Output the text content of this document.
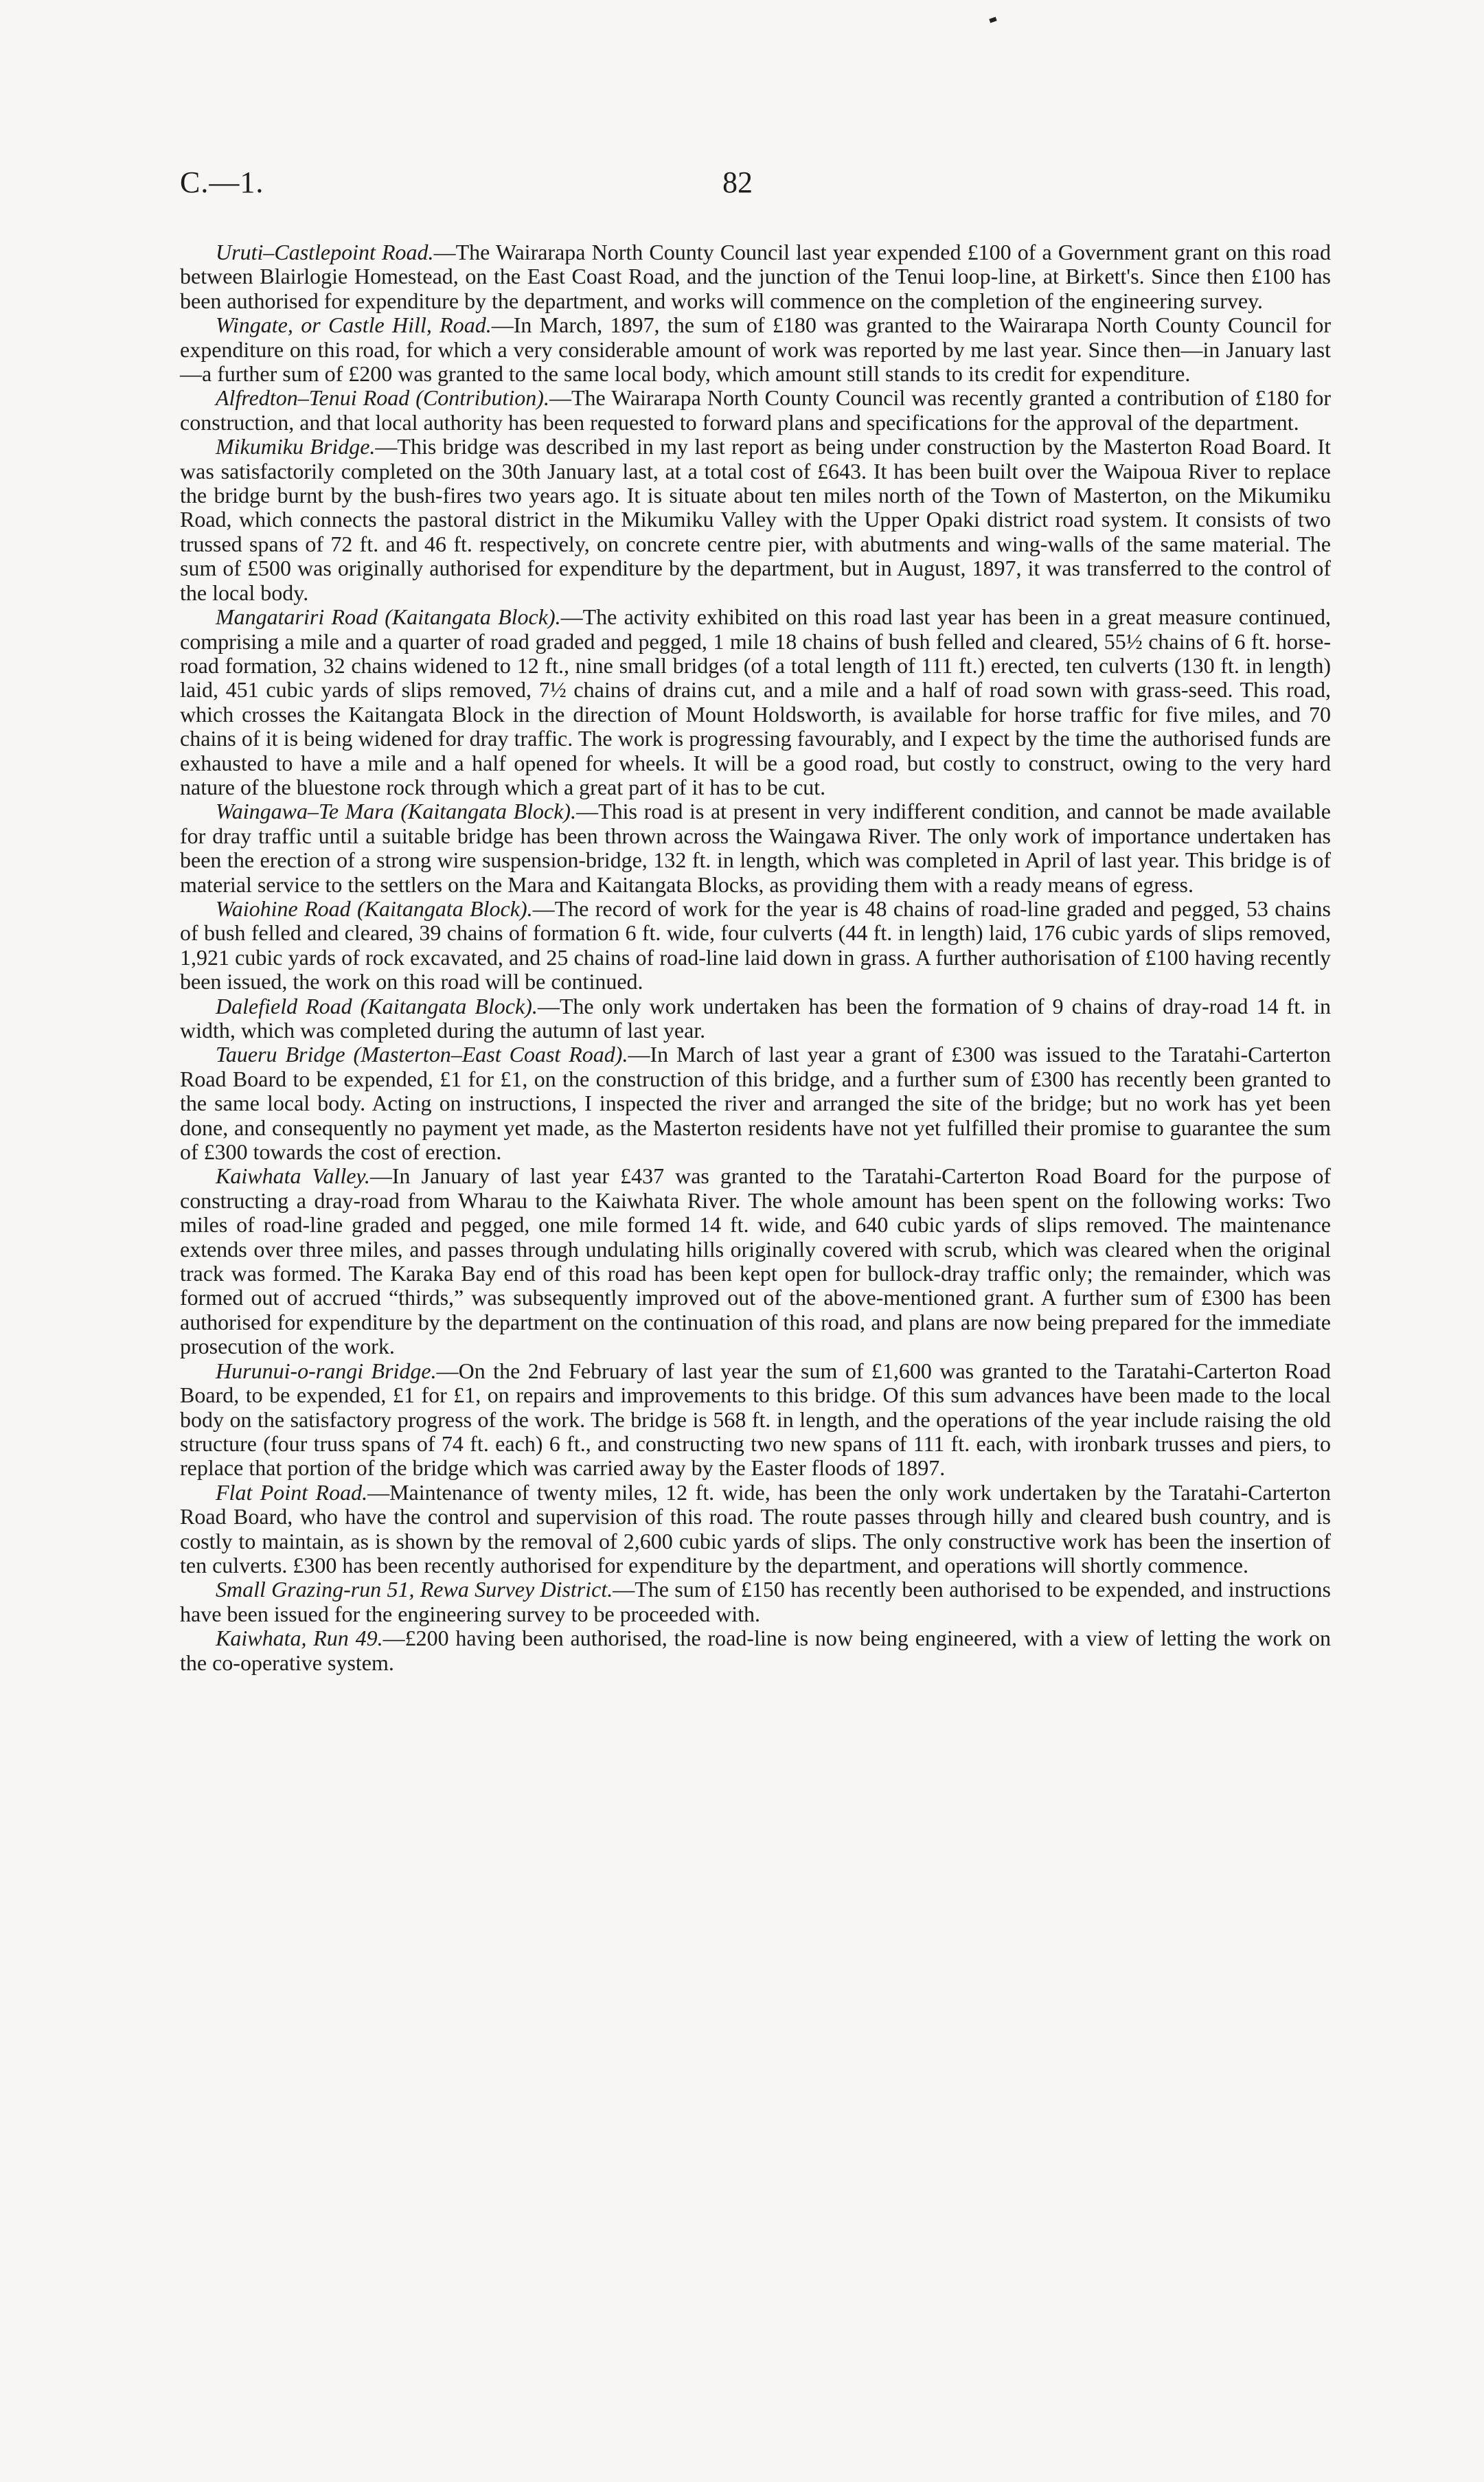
C.—1.	82

Uruti–Castlepoint Road.—The Wairarapa North County Council last year expended £100 of a Government grant on this road between Blairlogie Homestead, on the East Coast Road, and the junction of the Tenui loop-line, at Birkett's. Since then £100 has been authorised for expenditure by the department, and works will commence on the completion of the engineering survey.

Wingate, or Castle Hill, Road.—In March, 1897, the sum of £180 was granted to the Wairarapa North County Council for expenditure on this road, for which a very considerable amount of work was reported by me last year. Since then—in January last—a further sum of £200 was granted to the same local body, which amount still stands to its credit for expenditure.

Alfredton–Tenui Road (Contribution).—The Wairarapa North County Council was recently granted a contribution of £180 for construction, and that local authority has been requested to forward plans and specifications for the approval of the department.

Mikumiku Bridge.—This bridge was described in my last report as being under construction by the Masterton Road Board. It was satisfactorily completed on the 30th January last, at a total cost of £643. It has been built over the Waipoua River to replace the bridge burnt by the bush-fires two years ago. It is situate about ten miles north of the Town of Masterton, on the Mikumiku Road, which connects the pastoral district in the Mikumiku Valley with the Upper Opaki district road system. It consists of two trussed spans of 72 ft. and 46 ft. respectively, on concrete centre pier, with abutments and wing-walls of the same material. The sum of £500 was originally authorised for expenditure by the department, but in August, 1897, it was transferred to the control of the local body.

Mangatariri Road (Kaitangata Block).—The activity exhibited on this road last year has been in a great measure continued, comprising a mile and a quarter of road graded and pegged, 1 mile 18 chains of bush felled and cleared, 55½ chains of 6 ft. horse-road formation, 32 chains widened to 12 ft., nine small bridges (of a total length of 111 ft.) erected, ten culverts (130 ft. in length) laid, 451 cubic yards of slips removed, 7½ chains of drains cut, and a mile and a half of road sown with grass-seed. This road, which crosses the Kaitangata Block in the direction of Mount Holdsworth, is available for horse traffic for five miles, and 70 chains of it is being widened for dray traffic. The work is progressing favourably, and I expect by the time the authorised funds are exhausted to have a mile and a half opened for wheels. It will be a good road, but costly to construct, owing to the very hard nature of the bluestone rock through which a great part of it has to be cut.

Waingawa–Te Mara (Kaitangata Block).—This road is at present in very indifferent condition, and cannot be made available for dray traffic until a suitable bridge has been thrown across the Waingawa River. The only work of importance undertaken has been the erection of a strong wire suspension-bridge, 132 ft. in length, which was completed in April of last year. This bridge is of material service to the settlers on the Mara and Kaitangata Blocks, as providing them with a ready means of egress.

Waiohine Road (Kaitangata Block).—The record of work for the year is 48 chains of road-line graded and pegged, 53 chains of bush felled and cleared, 39 chains of formation 6 ft. wide, four culverts (44 ft. in length) laid, 176 cubic yards of slips removed, 1,921 cubic yards of rock excavated, and 25 chains of road-line laid down in grass. A further authorisation of £100 having recently been issued, the work on this road will be continued.

Dalefield Road (Kaitangata Block).—The only work undertaken has been the formation of 9 chains of dray-road 14 ft. in width, which was completed during the autumn of last year.

Taueru Bridge (Masterton–East Coast Road).—In March of last year a grant of £300 was issued to the Taratahi-Carterton Road Board to be expended, £1 for £1, on the construction of this bridge, and a further sum of £300 has recently been granted to the same local body. Acting on instructions, I inspected the river and arranged the site of the bridge; but no work has yet been done, and consequently no payment yet made, as the Masterton residents have not yet fulfilled their promise to guarantee the sum of £300 towards the cost of erection.

Kaiwhata Valley.—In January of last year £437 was granted to the Taratahi-Carterton Road Board for the purpose of constructing a dray-road from Wharau to the Kaiwhata River. The whole amount has been spent on the following works: Two miles of road-line graded and pegged, one mile formed 14 ft. wide, and 640 cubic yards of slips removed. The maintenance extends over three miles, and passes through undulating hills originally covered with scrub, which was cleared when the original track was formed. The Karaka Bay end of this road has been kept open for bullock-dray traffic only; the remainder, which was formed out of accrued “thirds,” was subsequently improved out of the above-mentioned grant. A further sum of £300 has been authorised for expenditure by the department on the continuation of this road, and plans are now being prepared for the immediate prosecution of the work.

Hurunui-o-rangi Bridge.—On the 2nd February of last year the sum of £1,600 was granted to the Taratahi-Carterton Road Board, to be expended, £1 for £1, on repairs and improvements to this bridge. Of this sum advances have been made to the local body on the satisfactory progress of the work. The bridge is 568 ft. in length, and the operations of the year include raising the old structure (four truss spans of 74 ft. each) 6 ft., and constructing two new spans of 111 ft. each, with ironbark trusses and piers, to replace that portion of the bridge which was carried away by the Easter floods of 1897.

Flat Point Road.—Maintenance of twenty miles, 12 ft. wide, has been the only work undertaken by the Taratahi-Carterton Road Board, who have the control and supervision of this road. The route passes through hilly and cleared bush country, and is costly to maintain, as is shown by the removal of 2,600 cubic yards of slips. The only constructive work has been the insertion of ten culverts. £300 has been recently authorised for expenditure by the department, and operations will shortly commence.

Small Grazing-run 51, Rewa Survey District.—The sum of £150 has recently been authorised to be expended, and instructions have been issued for the engineering survey to be proceeded with.

Kaiwhata, Run 49.—£200 having been authorised, the road-line is now being engineered, with a view of letting the work on the co-operative system.
